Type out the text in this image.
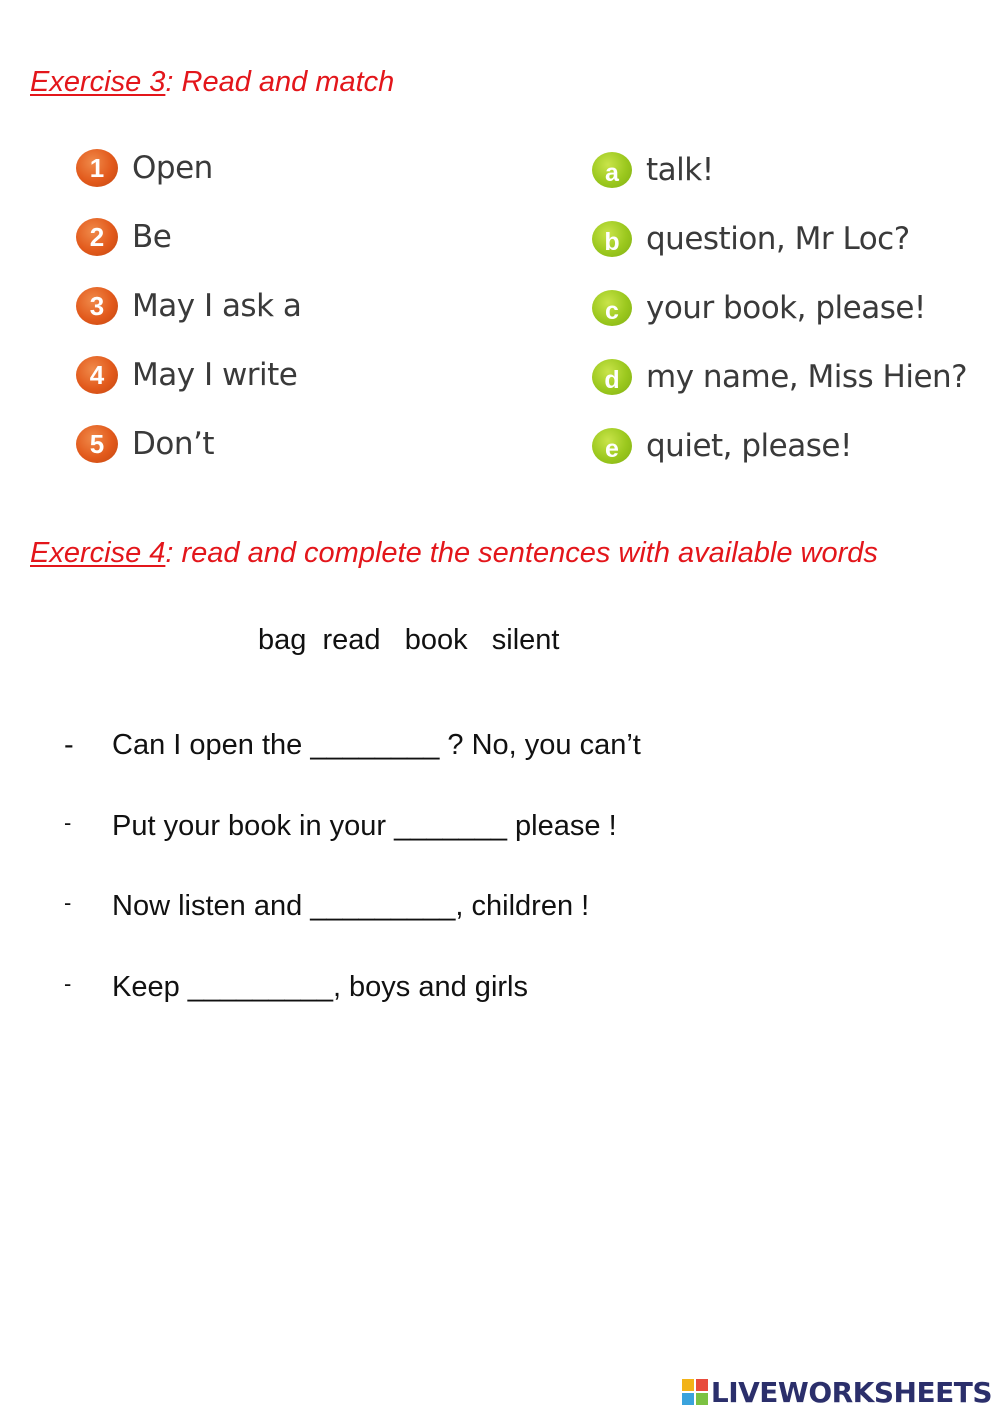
Exercise 3: Read and match
1 Open
2 Be
3 May I ask a
4 May I write
5 Don’t
a talk!
b question, Mr Loc?
c your book, please!
d my name, Miss Hien?
e quiet, please!
Exercise 4: read and complete the sentences with available words
bag  read   book   silent

-

Can I open the ________ ? No, you can’t

-

Put your book in your _______ please !

-

Now listen and _________, children !

-

Keep _________, boys and girls

LIVEWORKSHEETS
